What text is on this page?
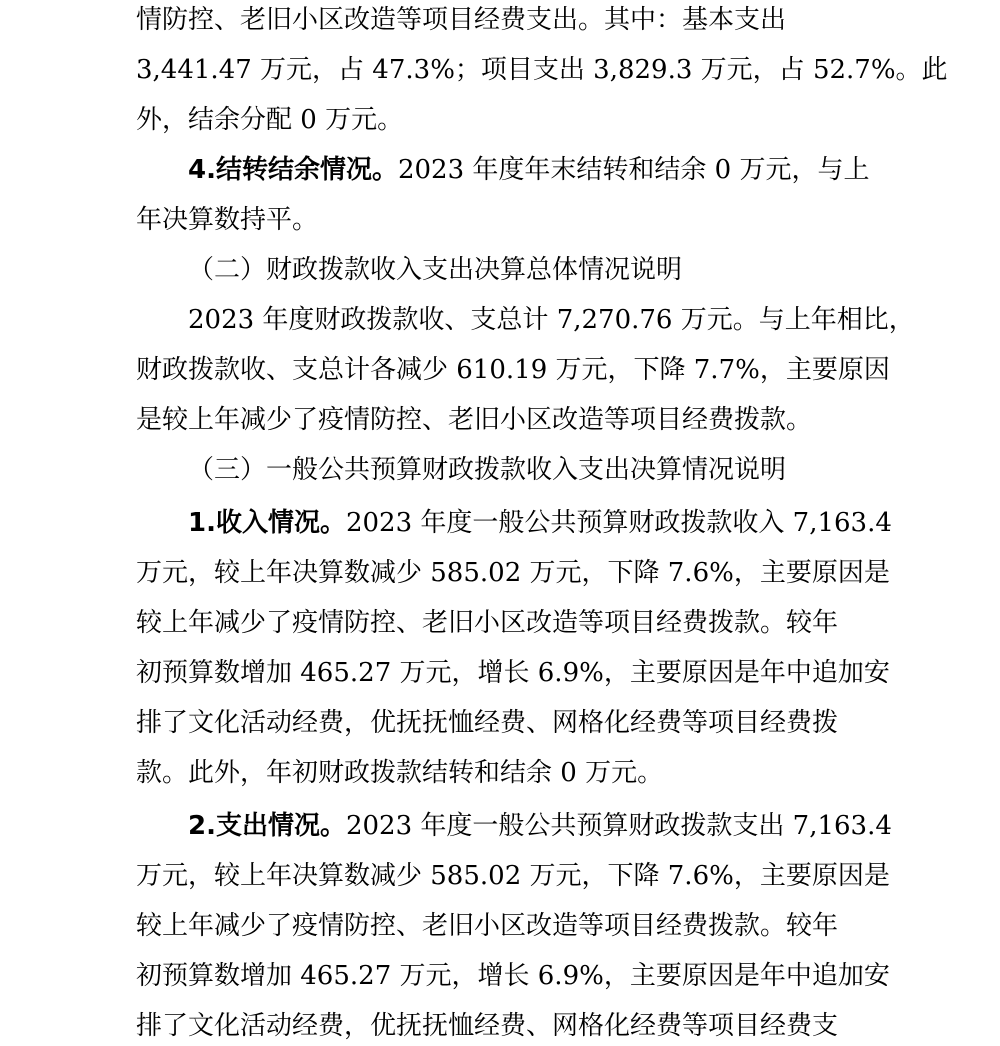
情防控、老旧小区改造等项目经费支出。其中：基本支出
3,441.47 万元，占 47.3%；项目支出 3,829.3 万元，占 52.7%。此
外，结余分配 0 万元。
4.结转结余情况。2023 年度年末结转和结余 0 万元，与上
年决算数持平。
（二）财政拨款收入支出决算总体情况说明
2023 年度财政拨款收、支总计 7,270.76 万元。与上年相比，
财政拨款收、支总计各减少 610.19 万元，下降 7.7%，主要原因
是较上年减少了疫情防控、老旧小区改造等项目经费拨款。
（三）一般公共预算财政拨款收入支出决算情况说明
1.收入情况。2023 年度一般公共预算财政拨款收入 7,163.4
万元，较上年决算数减少 585.02 万元，下降 7.6%，主要原因是
较上年减少了疫情防控、老旧小区改造等项目经费拨款。较年
初预算数增加 465.27 万元，增长 6.9%，主要原因是年中追加安
排了文化活动经费，优抚抚恤经费、网格化经费等项目经费拨
款。此外，年初财政拨款结转和结余 0 万元。
2.支出情况。2023 年度一般公共预算财政拨款支出 7,163.4
万元，较上年决算数减少 585.02 万元，下降 7.6%，主要原因是
较上年减少了疫情防控、老旧小区改造等项目经费拨款。较年
初预算数增加 465.27 万元，增长 6.9%，主要原因是年中追加安
排了文化活动经费，优抚抚恤经费、网格化经费等项目经费支
